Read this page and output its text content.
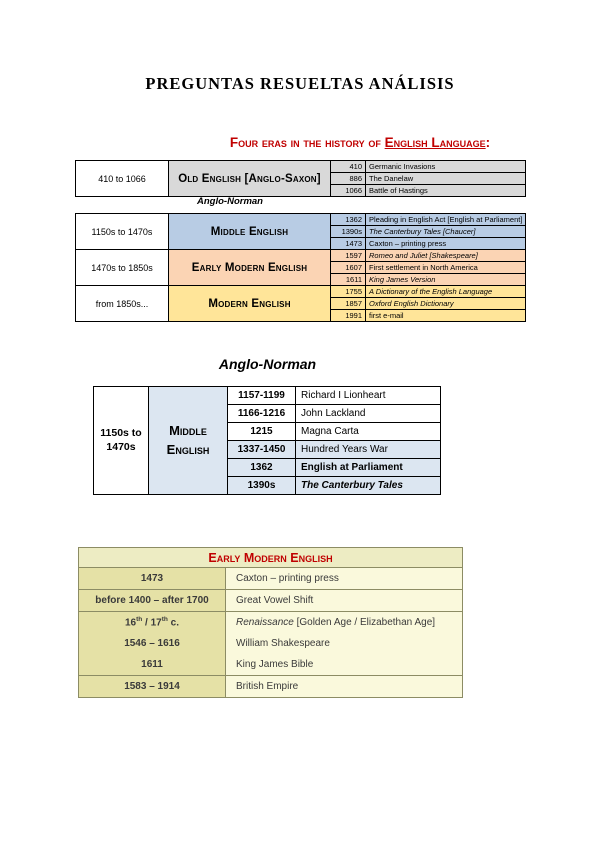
PREGUNTAS RESUELTAS ANÁLISIS
Four eras in the history of English Language:
410 to 1066	Old English [Anglo-Saxon]	410	Germanic Invasions
		886	The Danelaw
		1066	Battle of Hastings
Anglo-Norman
1150s to 1470s	Middle English	1362	Pleading in English Act [English at Parliament]
		1390s	The Canterbury Tales [Chaucer]
		1473	Caxton – printing press
1470s to 1850s	Early Modern English	1597	Romeo and Juliet [Shakespeare]
		1607	First settlement in North America
		1611	King James Version
from 1850s...	Modern English	1755	A Dictionary of the English Language
		1857	Oxford English Dictionary
		1991	first e-mail
Anglo-Norman
1150s to 1470s	Middle English	1157-1199	Richard I Lionheart
		1166-1216	John Lackland
		1215	Magna Carta
		1337-1450	Hundred Years War
		1362	English at Parliament
		1390s	The Canterbury Tales
Early Modern English	
1473	Caxton – printing press
before 1400 – after 1700	Great Vowel Shift
16th / 17th c.	Renaissance [Golden Age / Elizabethan Age]
1546 – 1616	William Shakespeare
1611	King James Bible
1583 – 1914	British Empire
